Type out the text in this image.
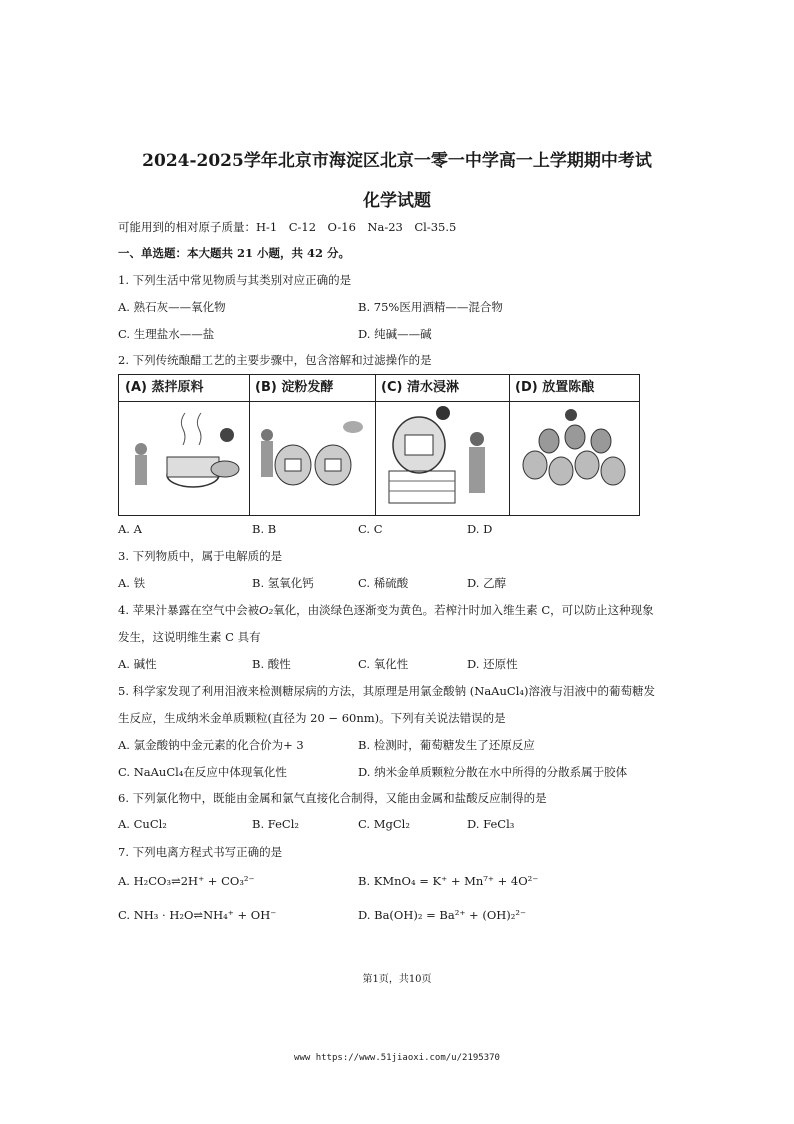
2024-2025学年北京市海淀区北京一零一中学高一上学期期中考试
化学试题
可能用到的相对原子质量：H-1　C-12　O-16　Na-23　Cl-35.5
一、单选题：本大题共 21 小题，共 42 分。
1. 下列生活中常见物质与其类别对应正确的是
A. 熟石灰——氧化物	B. 75%医用酒精——混合物
C. 生理盐水——盐	D. 纯碱——碱
2. 下列传统酿醋工艺的主要步骤中，包含溶解和过滤操作的是
(A) 蒸拌原料	(B) 淀粉发酵	(C) 清水浸淋	(D) 放置陈酿
A. A	B. B	C. C	D. D
3. 下列物质中，属于电解质的是
A. 铁	B. 氢氧化钙	C. 稀硫酸	D. 乙醇
4. 苹果汁暴露在空气中会被O₂氧化，由淡绿色逐渐变为黄色。若榨汁时加入维生素 C，可以防止这种现象
发生，这说明维生素 C 具有
A. 碱性	B. 酸性	C. 氧化性	D. 还原性
5. 科学家发现了利用泪液来检测糖尿病的方法，其原理是用氯金酸钠 (NaAuCl₄)溶液与泪液中的葡萄糖发
生反应，生成纳米金单质颗粒(直径为 20 − 60nm)。下列有关说法错误的是
A. 氯金酸钠中金元素的化合价为+ 3	B. 检测时，葡萄糖发生了还原反应
C. NaAuCl₄在反应中体现氧化性	D. 纳米金单质颗粒分散在水中所得的分散系属于胶体
6. 下列氯化物中，既能由金属和氯气直接化合制得，又能由金属和盐酸反应制得的是
A. CuCl₂	B. FeCl₂	C. MgCl₂	D. FeCl₃
7. 下列电离方程式书写正确的是
A. H₂CO₃⇌2H⁺ + CO₃²⁻	B. KMnO₄ = K⁺ + Mn⁷⁺ + 4O²⁻
C. NH₃ · H₂O⇌NH₄⁺ + OH⁻	D. Ba(OH)₂ = Ba²⁺ + (OH)₂²⁻
第1页，共10页
www https://www.51jiaoxi.com/u/2195370
